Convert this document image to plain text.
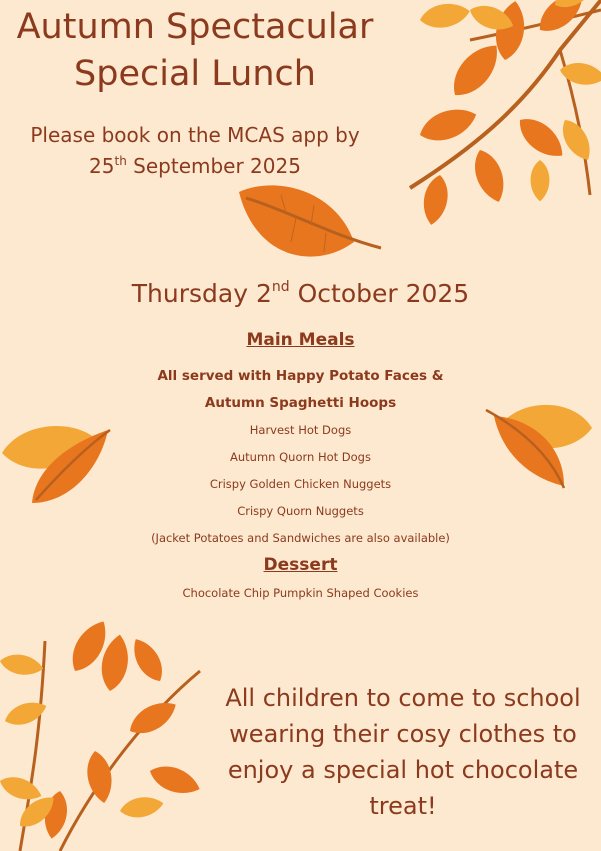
Autumn Spectacular
Special Lunch
Please book on the MCAS app by
25th September 2025
Thursday 2nd October 2025
Main Meals
All served with Happy Potato Faces &
Autumn Spaghetti Hoops
Harvest Hot Dogs
Autumn Quorn Hot Dogs
Crispy Golden Chicken Nuggets
Crispy Quorn Nuggets
(Jacket Potatoes and Sandwiches are also available)
Dessert
Chocolate Chip Pumpkin Shaped Cookies
All children to come to school
wearing their cosy clothes to
enjoy a special hot chocolate
treat!
